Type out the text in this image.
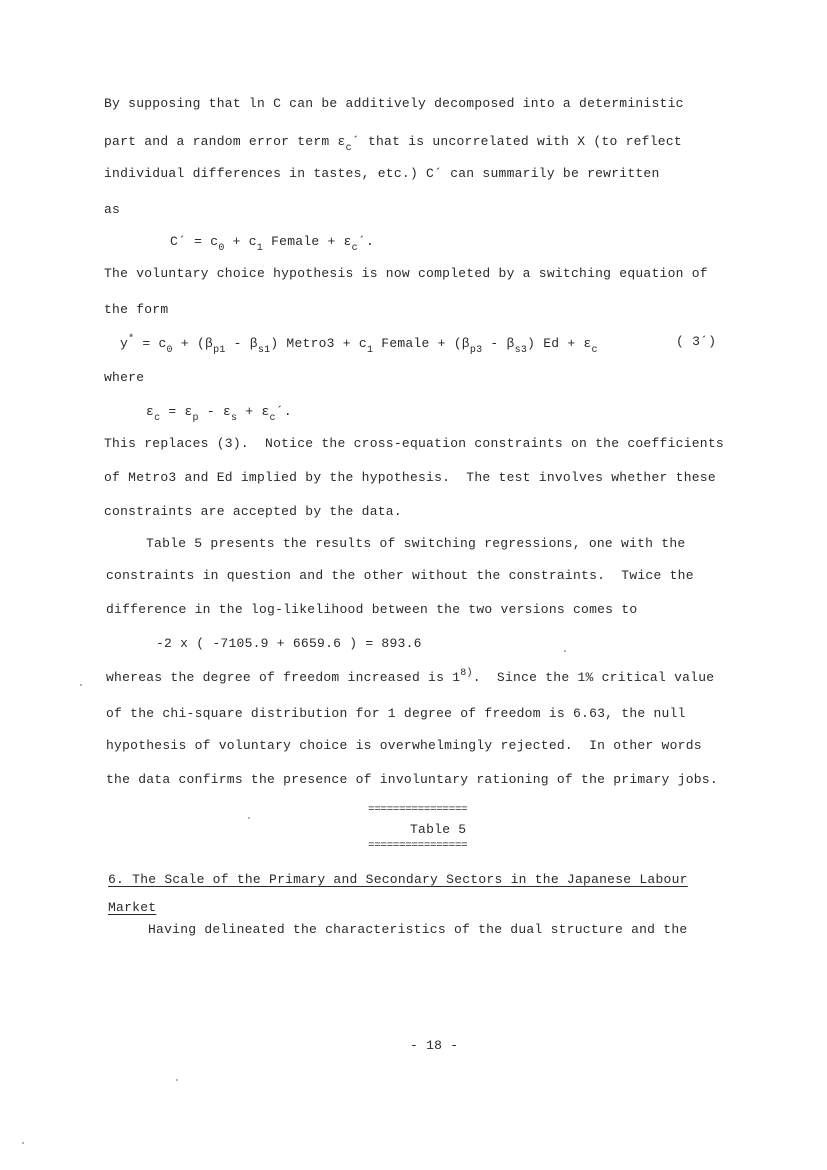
By supposing that ln C can be additively decomposed into a deterministic
part and a random error term $\varepsilon_c´$ that is uncorrelated with X (to reflect
individual differences in tastes, etc.) C´ can summarily be rewritten
as
C´ = $c_0 + c_1$ Female + $\varepsilon_c´$.
The voluntary choice hypothesis is now completed by a switching equation of
the form
$y^* = c_0 + (\beta_{p1} - \beta_{s1})$ Metro3 + $c_1$ Female + $(\beta_{p3} - \beta_{s3}) Ed + \varepsilon_c$
( 3´)
where
$\varepsilon_c = \varepsilon_p - \varepsilon_s$ + $\varepsilon_c´$.
This replaces (3).  Notice the cross-equation constraints on the coefficients
of Metro3 and Ed implied by the hypothesis.  The test involves whether these
constraints are accepted by the data.
Table 5 presents the results of switching regressions, one with the
constraints in question and the other without the constraints.  Twice the
difference in the log-likelihood between the two versions comes to
-2 x ( -7105.9 + 6659.6 ) = 893.6
whereas the degree of freedom increased is 1$^{8)}$.  Since the 1% critical value
of the chi-square distribution for 1 degree of freedom is 6.63, the null
hypothesis of voluntary choice is overwhelmingly rejected.  In other words
the data confirms the presence of involuntary rationing of the primary jobs.
================
Table 5
================
6. The Scale of the Primary and Secondary Sectors in the Japanese Labour
Market
Having delineated the characteristics of the dual structure and the
- 18 -
